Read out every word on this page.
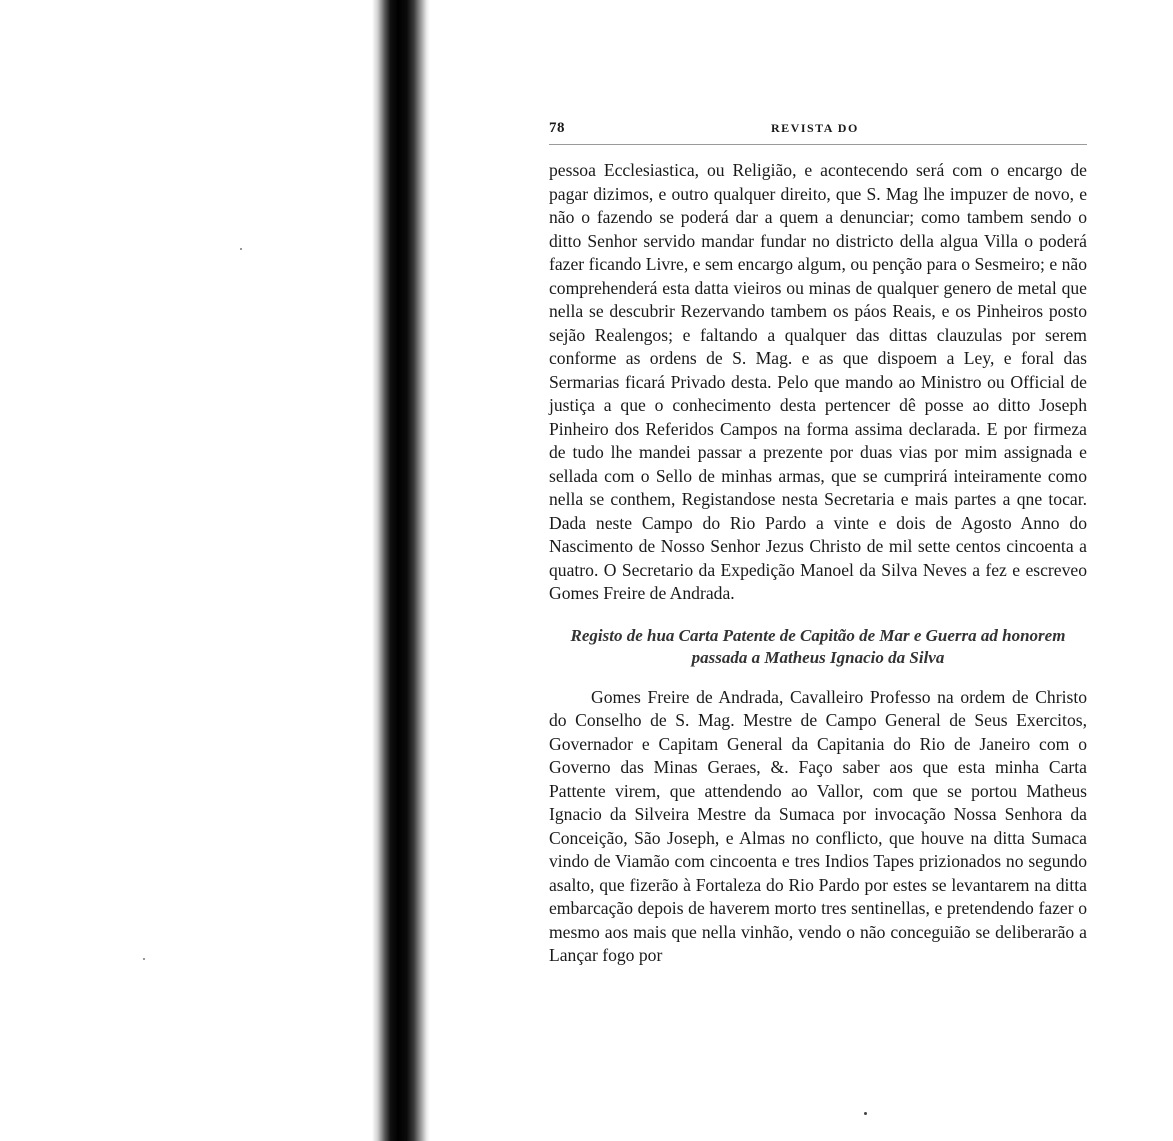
78	REVISTA DO

pessoa Ecclesiastica, ou Religião, e acontecendo será com o encargo de pagar dizimos, e outro qualquer direito, que S. Mag lhe impuzer de novo, e não o fazendo se poderá dar a quem a denunciar; como tambem sendo o ditto Senhor servido mandar fundar no districto della algua Villa o poderá fazer ficando Livre, e sem encargo algum, ou penção para o Sesmeiro; e não comprehenderá esta datta vieiros ou minas de qualquer genero de metal que nella se descubrir Rezervando tambem os páos Reais, e os Pinheiros posto sejão Realengos; e faltando a qualquer das dittas clauzulas por serem conforme as ordens de S. Mag. e as que dispoem a Ley, e foral das Sermarias ficará Privado desta. Pelo que mando ao Ministro ou Official de justiça a que o conhecimento desta pertencer dê posse ao ditto Joseph Pinheiro dos Referidos Campos na forma assima declarada. E por firmeza de tudo lhe mandei passar a prezente por duas vias por mim assignada e sellada com o Sello de minhas armas, que se cumprirá inteiramente como nella se conthem, Registandose nesta Secretaria e mais partes a qne tocar. Dada neste Campo do Rio Pardo a vinte e dois de Agosto Anno do Nascimento de Nosso Senhor Jezus Christo de mil sette centos cincoenta a quatro. O Secretario da Expedição Manoel da Silva Neves a fez e escreveo Gomes Freire de Andrada.

Registo de hua Carta Patente de Capitão de Mar e Guerra ad honorem passada a Matheus Ignacio da Silva

Gomes Freire de Andrada, Cavalleiro Professo na ordem de Christo do Conselho de S. Mag. Mestre de Campo General de Seus Exercitos, Governador e Capitam General da Capitania do Rio de Janeiro com o Governo das Minas Geraes, &. Faço saber aos que esta minha Carta Pattente virem, que attendendo ao Vallor, com que se portou Matheus Ignacio da Silveira Mestre da Sumaca por invocação Nossa Senhora da Conceição, São Joseph, e Almas no conflicto, que houve na ditta Sumaca vindo de Viamão com cincoenta e tres Indios Tapes prizionados no segundo asalto, que fizerão à Fortaleza do Rio Pardo por estes se levantarem na ditta embarcação depois de haverem morto tres sentinellas, e pretendendo fazer o mesmo aos mais que nella vinhão, vendo o não conceguião se deliberarão a Lançar fogo por
